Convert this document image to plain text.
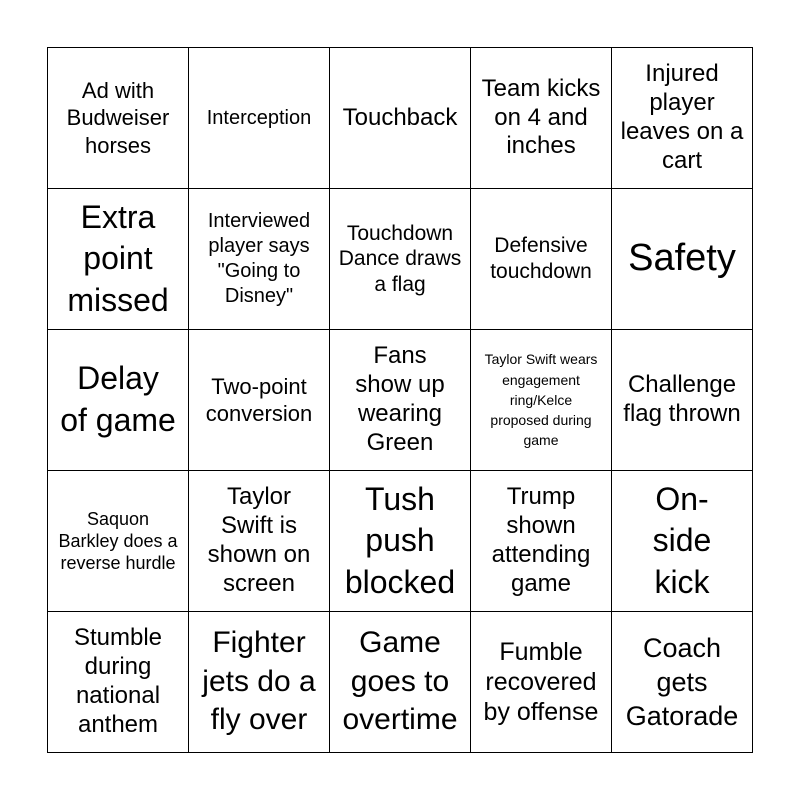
Ad with Budweiser horses
Interception Touchback
Team kicks on 4 and inches
Injured player leaves on a cart
Extra point missed
Interviewed player says "Going to Disney"
Touchdown Dance draws a flag
Defensive touchdown Safety
Delay of game
Two-point conversion
Fans show up wearing Green
Taylor Swift wears engagement ring/Kelce proposed during game
Challenge flag thrown
Saquon Barkley does a reverse hurdle
Taylor Swift is shown on screen
Tush push blocked
Trump shown attending game
On-side kick
Stumble during national anthem
Fighter jets do a fly over
Game goes to overtime
Fumble recovered by offense
Coach gets Gatorade
